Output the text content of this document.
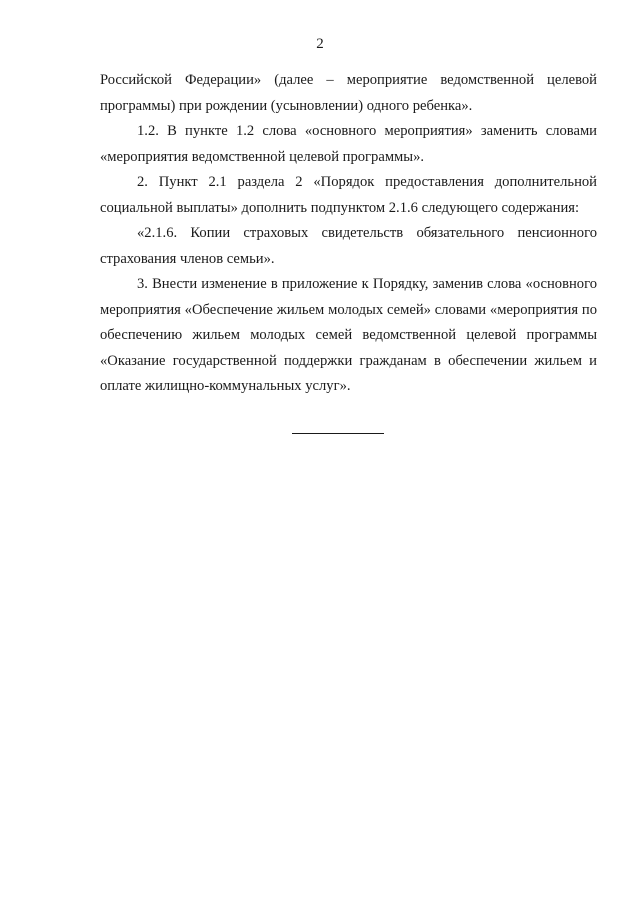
2

Российской Федерации» (далее – мероприятие ведомственной целевой программы) при рождении (усыновлении) одного ребенка».

1.2. В пункте 1.2 слова «основного мероприятия» заменить словами «мероприятия ведомственной целевой программы».

2. Пункт 2.1 раздела 2 «Порядок предоставления дополнительной социальной выплаты» дополнить подпунктом 2.1.6 следующего содержания:

«2.1.6. Копии страховых свидетельств обязательного пенсионного страхования членов семьи».

3. Внести изменение в приложение к Порядку, заменив слова «основного мероприятия «Обеспечение жильем молодых семей» словами «мероприятия по обеспечению жильем молодых семей ведомственной целевой программы «Оказание государственной поддержки гражданам в обеспечении жильем и оплате жилищно-коммунальных услуг».
